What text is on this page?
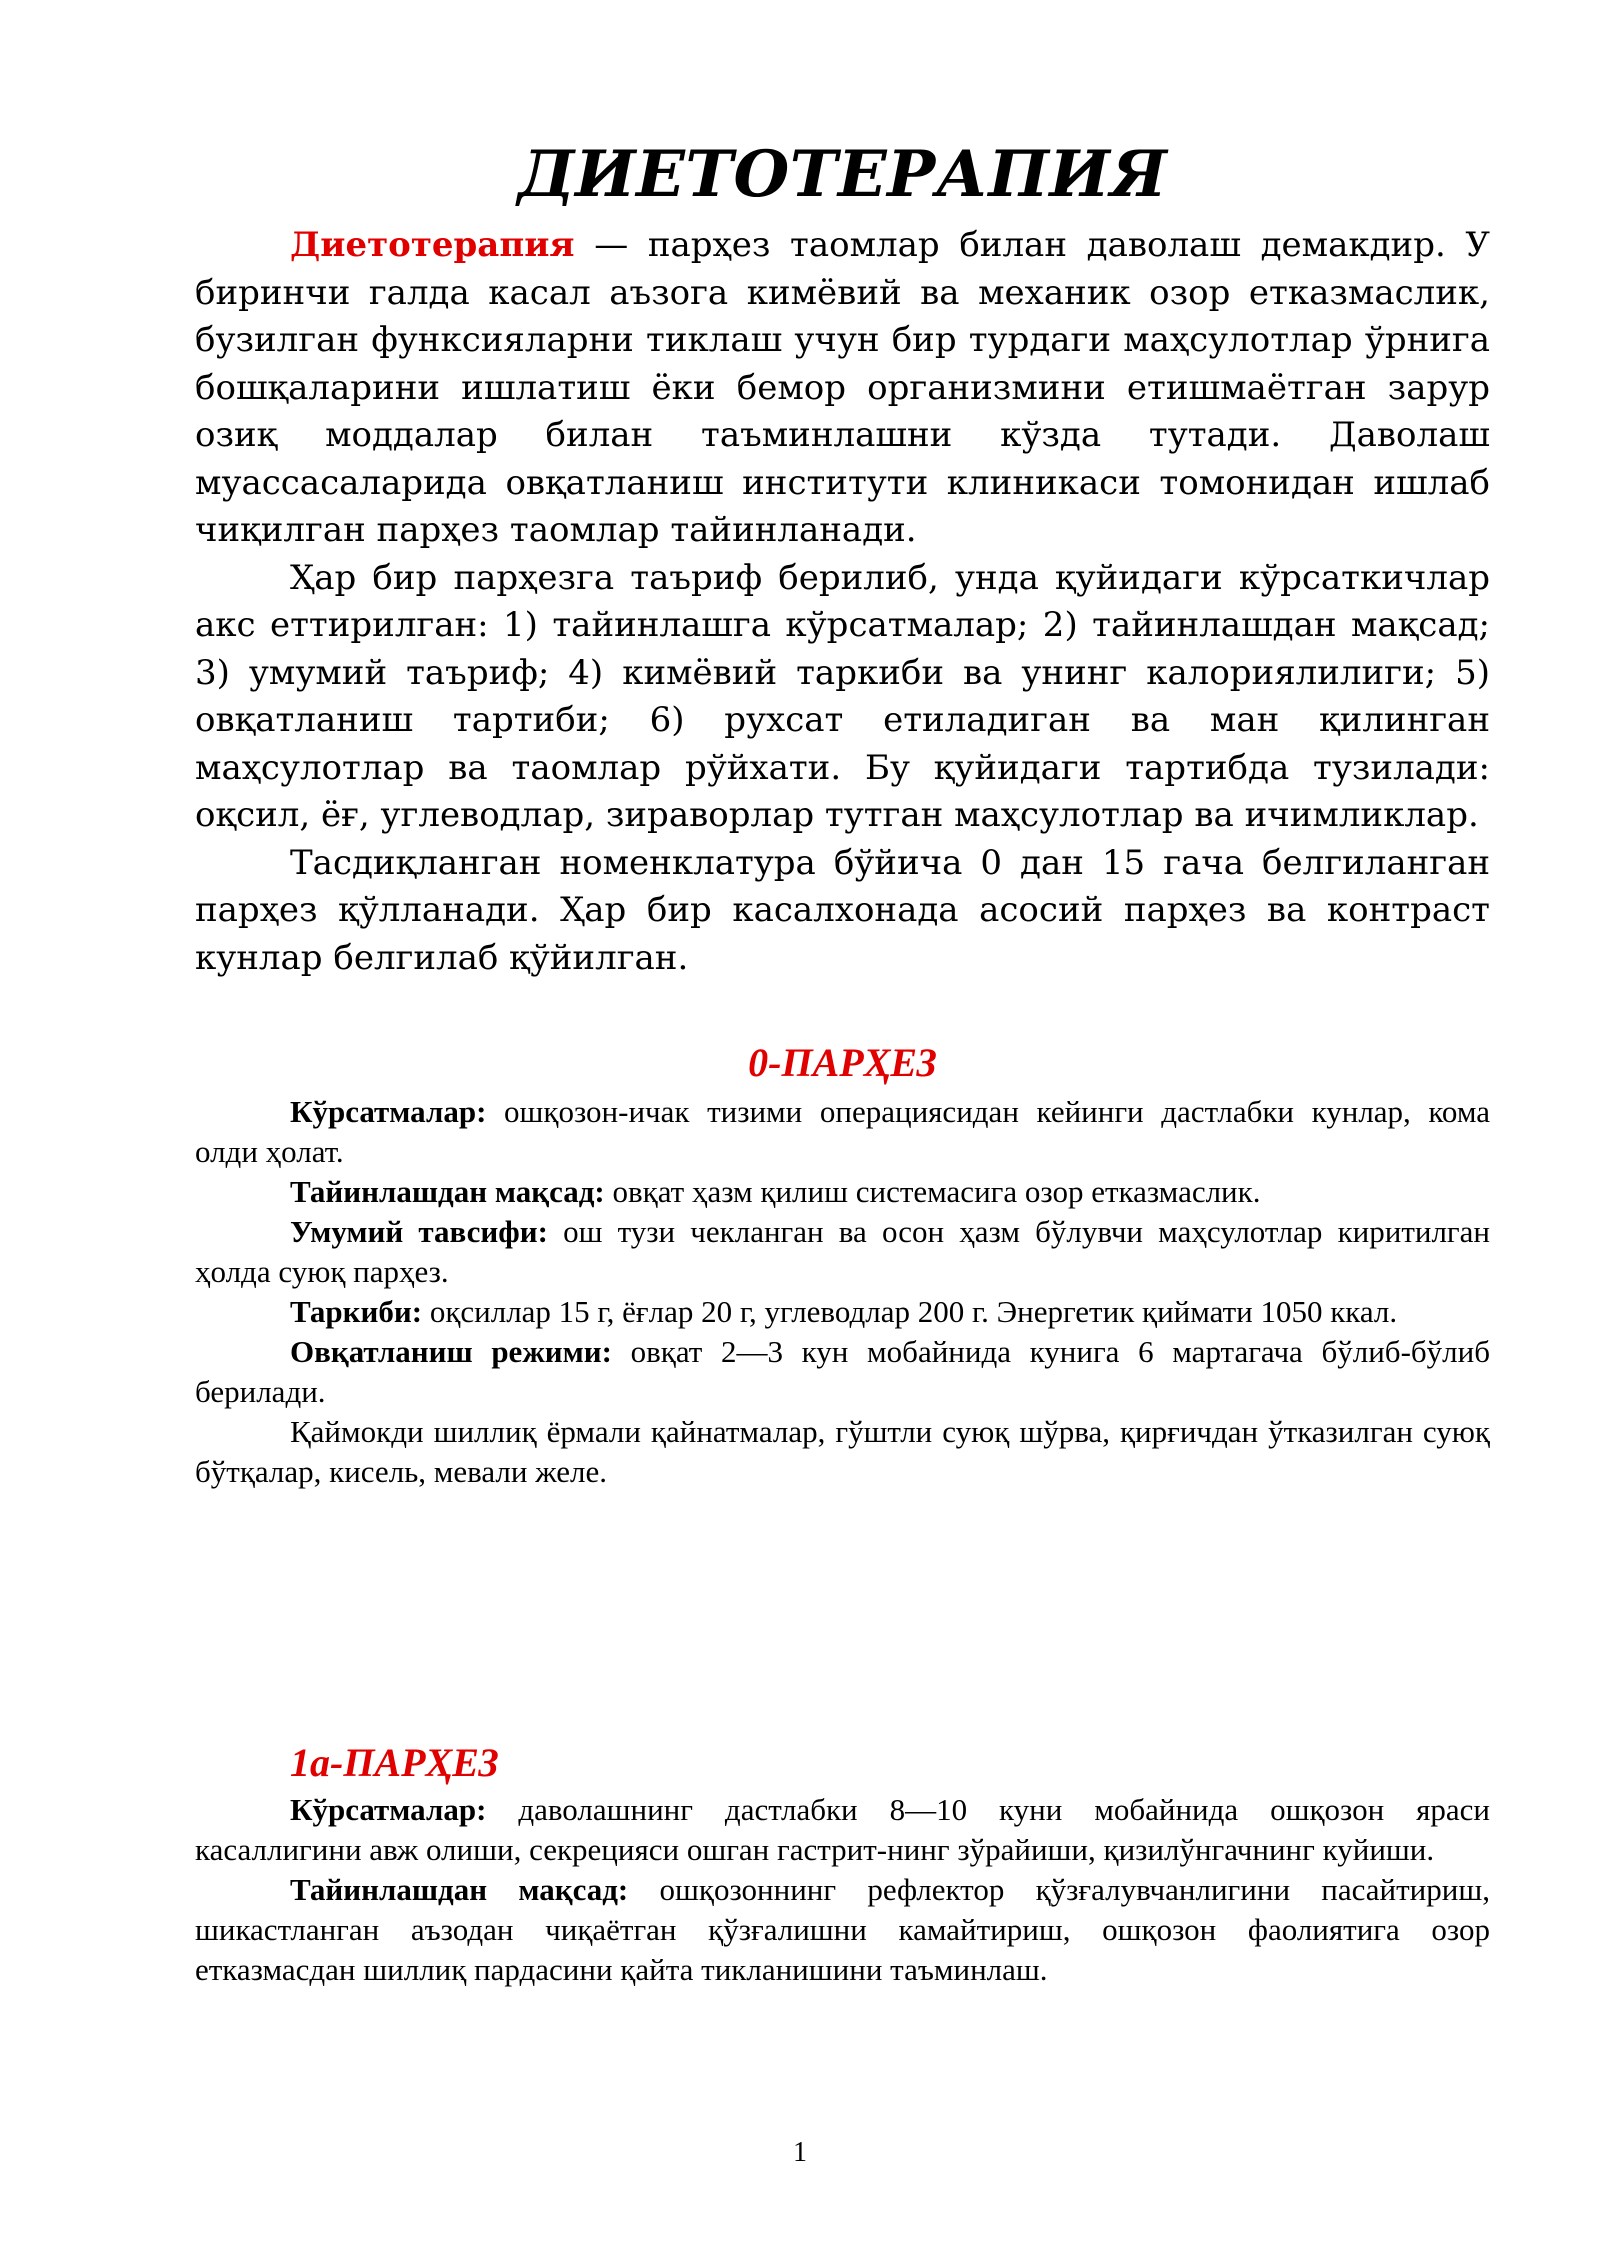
ДИЕТОТЕРАПИЯ

Диетотерапия — парҳез таомлар билан даволаш демакдир. У биринчи галда касал аъзога кимёвий ва механик озор етказмаслик, бузилган функсияларни тиклаш учун бир турдаги маҳсулотлар ўрнига бошқаларини ишлатиш ёки бемор организмини етишмаётган зарур озиқ моддалар билан таъминлашни кўзда тутади. Даволаш муассасаларида овқатланиш институти клиникаси томонидан ишлаб чиқилган парҳез таомлар тайинланади.

Ҳар бир парҳезга таъриф берилиб, унда қуйидаги кўрсаткичлар акс еттирилган: 1) тайинлашга кўрсатмалар; 2) тайинлашдан мақсад; 3) умумий таъриф; 4) кимёвий таркиби ва унинг калориялилиги; 5) овқатланиш тартиби; 6) рухсат етиладиган ва ман қилинган маҳсулотлар ва таомлар рўйхати. Бу қуйидаги тартибда тузилади: оқсил, ёғ, углеводлар, зираворлар тутган маҳсулотлар ва ичимликлар.

Тасдиқланган номенклатура бўйича 0 дан 15 гача белгиланган парҳез қўлланади. Ҳар бир касалхонада асосий парҳез ва контраст кунлар белгилаб қўйилган.

0-ПАРҲЕЗ

Кўрсатмалар: ошқозон-ичак тизими операциясидан кейинги дастлабки кунлар, кома олди ҳолат.

Тайинлашдан мақсад: овқат ҳазм қилиш системасига озор етказмаслик.

Умумий тавсифи: ош тузи чекланган ва осон ҳазм бўлувчи маҳсулотлар киритилган ҳолда суюқ парҳез.

Таркиби: оқсиллар 15 г, ёғлар 20 г, углеводлар 200 г. Энергетик қиймати 1050 ккал.

Овқатланиш режими: овқат 2—3 кун мобайнида кунига 6 мартагача бўлиб-бўлиб берилади.

Қаймокди шиллиқ ёрмали қайнатмалар, гўштли суюқ шўрва, қирғичдан ўтказилган суюқ бўтқалар, кисель, мевали желе.

1а-ПАРҲЕЗ

Кўрсатмалар: даволашнинг дастлабки 8—10 куни мобайнида ошқозон яраси касаллигини авж олиши, секрецияси ошган гастрит-нинг зўрайиши, қизилўнгачнинг куйиши.

Тайинлашдан мақсад: ошқозоннинг рефлектор қўзғалувчанлигини пасайтириш, шикастланган аъзодан чиқаётган қўзғалишни камайтириш, ошқозон фаолиятига озор етказмасдан шиллиқ пардасини қайта тикланишини таъминлаш.

1
